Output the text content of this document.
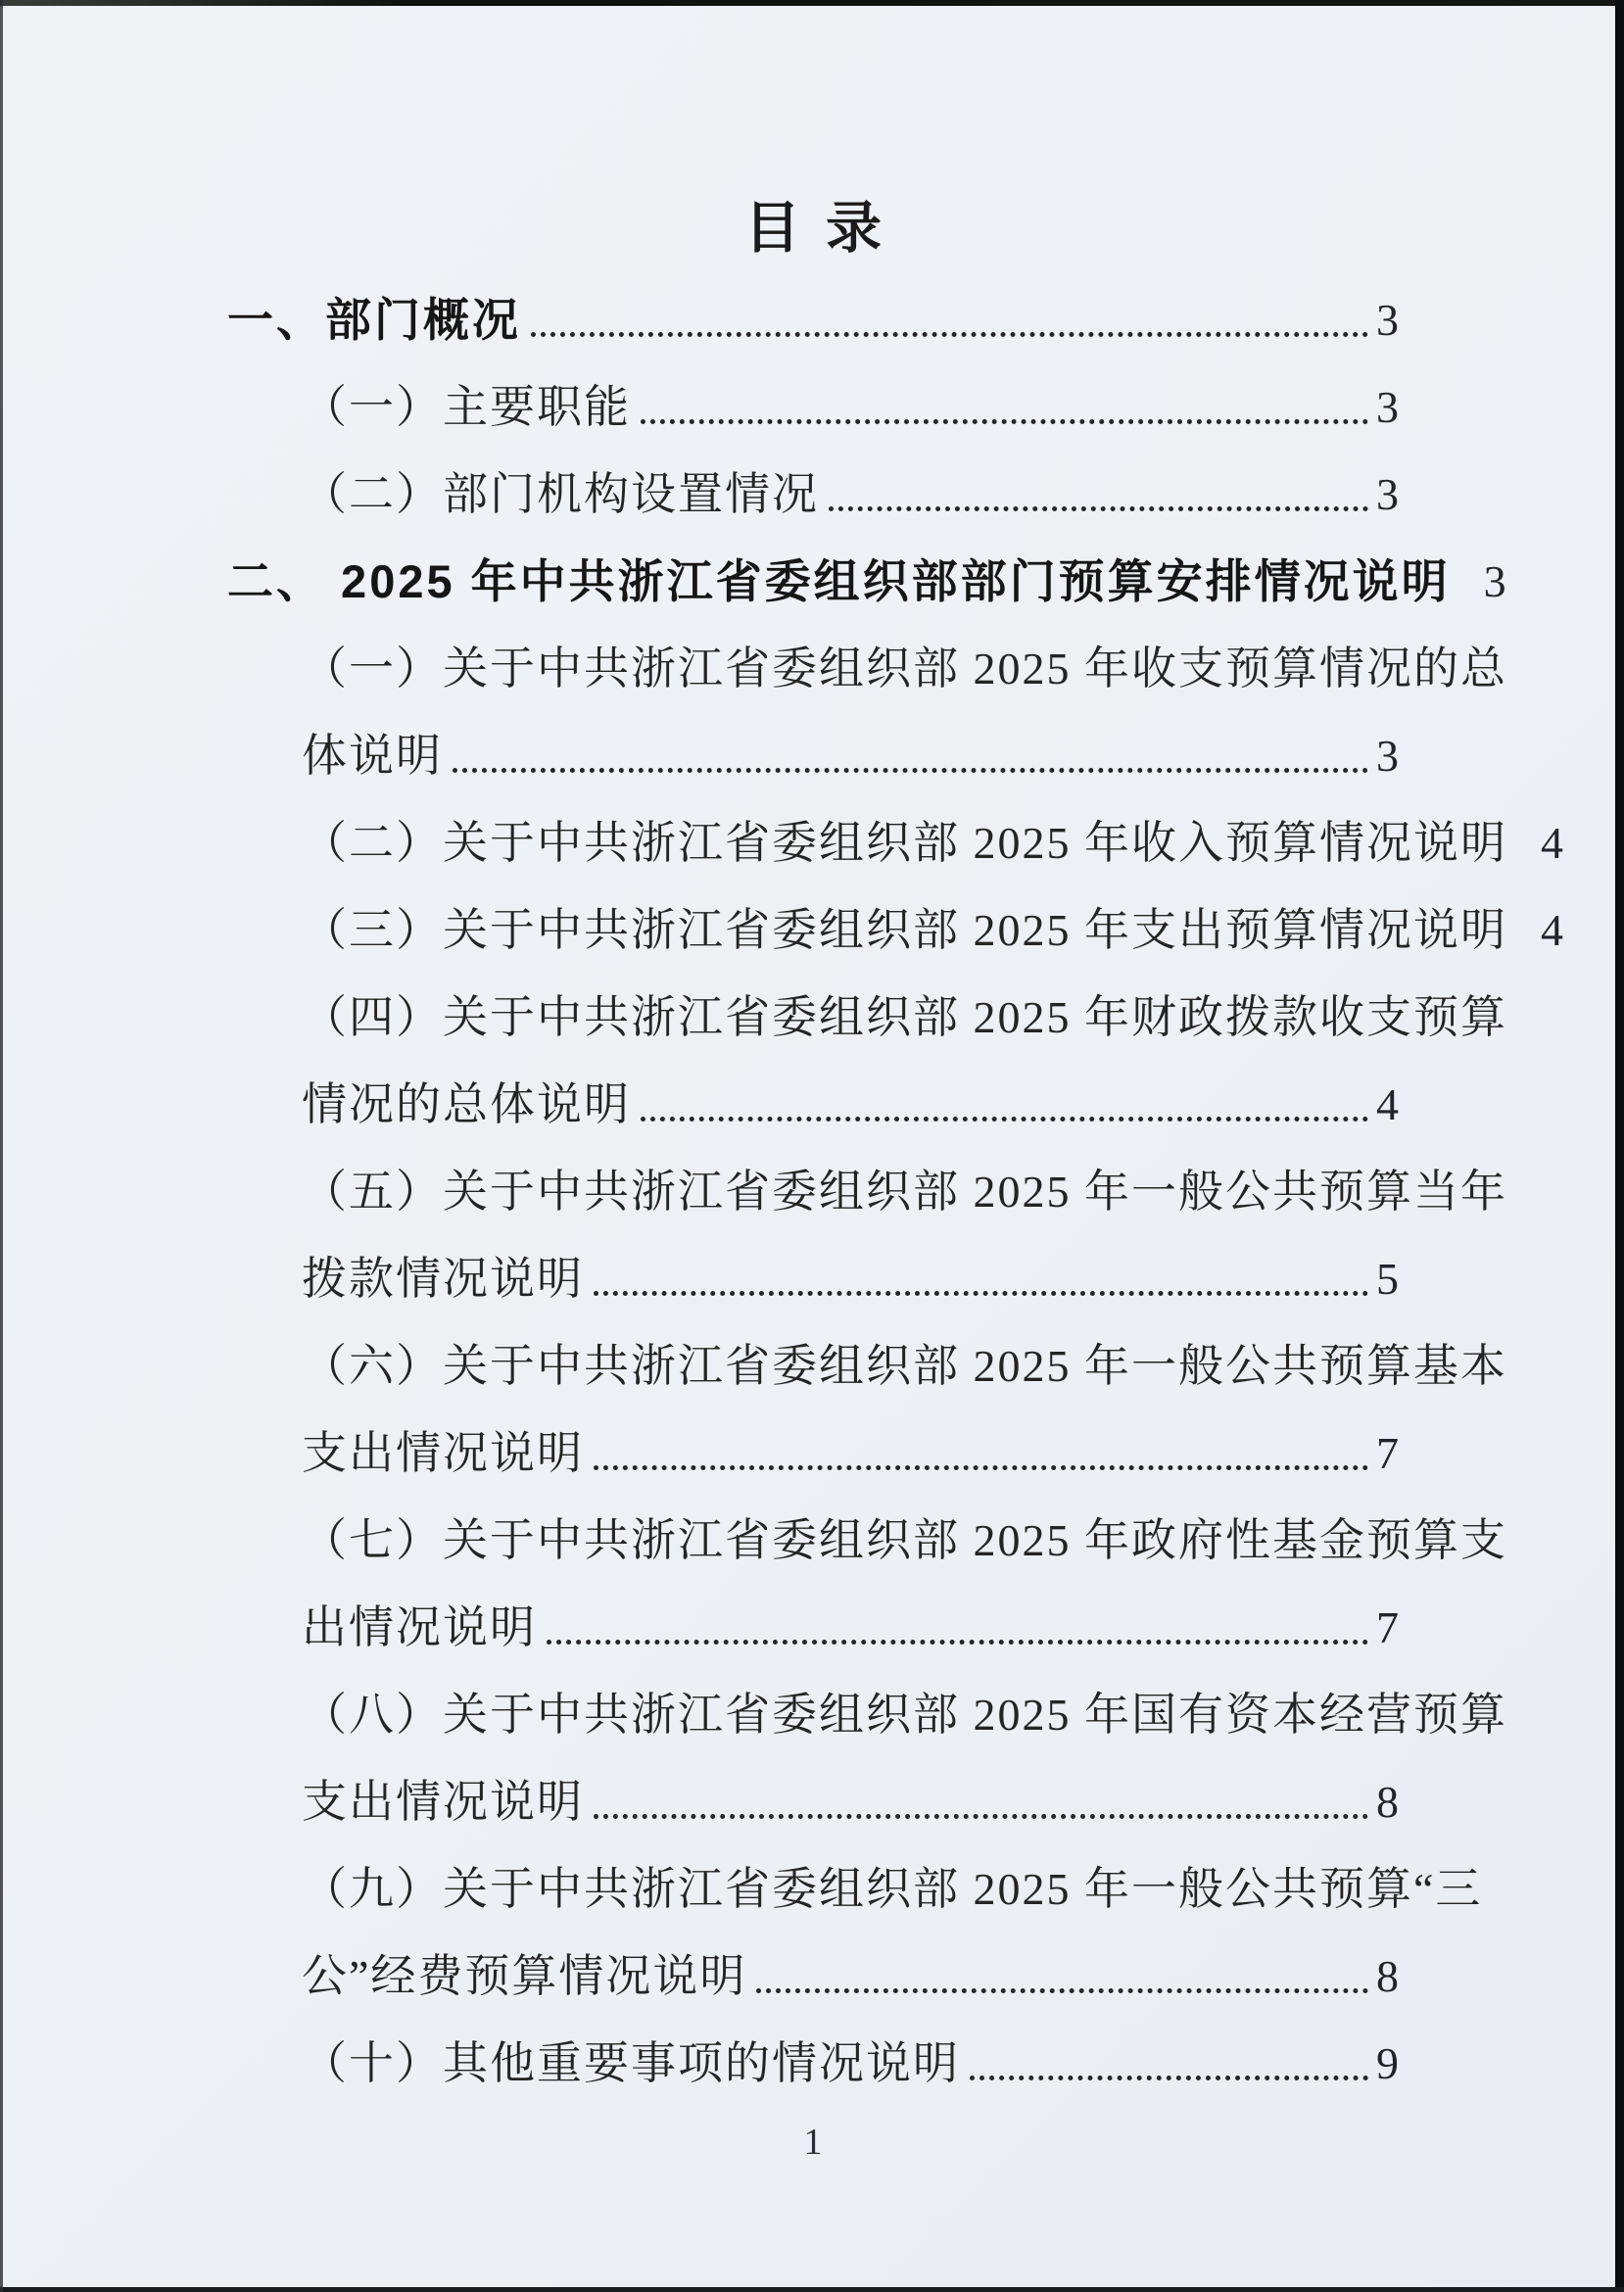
目录
一、部门概况	3
（一）主要职能	3
（二）部门机构设置情况	3
二、 2025 年中共浙江省委组织部部门预算安排情况说明 3
（一）关于中共浙江省委组织部 2025 年收支预算情况的总
体说明	3
（二）关于中共浙江省委组织部 2025 年收入预算情况说明 4
（三）关于中共浙江省委组织部 2025 年支出预算情况说明 4
（四）关于中共浙江省委组织部 2025 年财政拨款收支预算
情况的总体说明	4
（五）关于中共浙江省委组织部 2025 年一般公共预算当年
拨款情况说明	5
（六）关于中共浙江省委组织部 2025 年一般公共预算基本
支出情况说明	7
（七）关于中共浙江省委组织部 2025 年政府性基金预算支
出情况说明	7
（八）关于中共浙江省委组织部 2025 年国有资本经营预算
支出情况说明	8
（九）关于中共浙江省委组织部 2025 年一般公共预算“三
公”经费预算情况说明	8
（十）其他重要事项的情况说明	9
1
